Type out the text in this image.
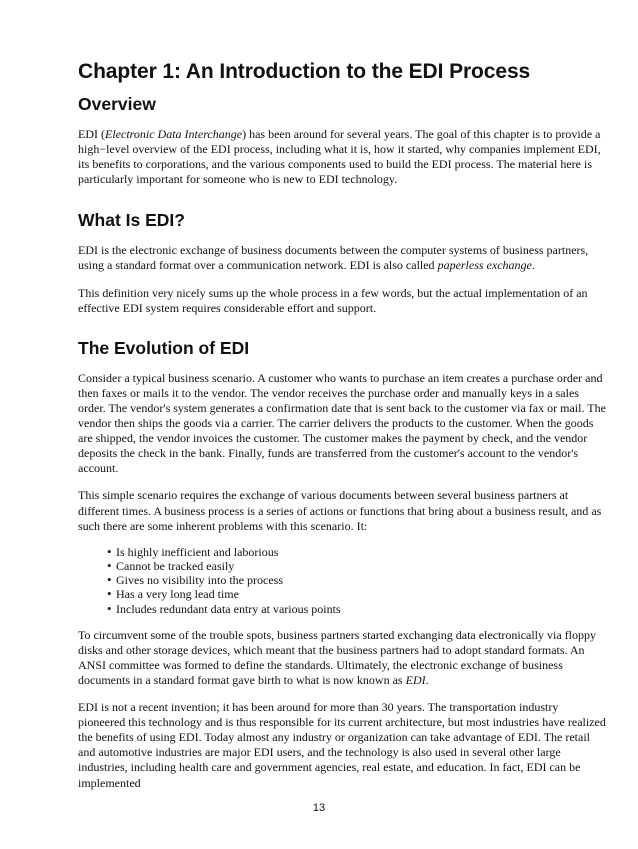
Chapter 1: An Introduction to the EDI Process
Overview

EDI (Electronic Data Interchange) has been around for several years. The goal of this chapter is to provide a high−level overview of the EDI process, including what it is, how it started, why companies implement EDI, its benefits to corporations, and the various components used to build the EDI process. The material here is particularly important for someone who is new to EDI technology.

What Is EDI?

EDI is the electronic exchange of business documents between the computer systems of business partners, using a standard format over a communication network. EDI is also called paperless exchange.

This definition very nicely sums up the whole process in a few words, but the actual implementation of an effective EDI system requires considerable effort and support.

The Evolution of EDI

Consider a typical business scenario. A customer who wants to purchase an item creates a purchase order and then faxes or mails it to the vendor. The vendor receives the purchase order and manually keys in a sales order. The vendor's system generates a confirmation date that is sent back to the customer via fax or mail. The vendor then ships the goods via a carrier. The carrier delivers the products to the customer. When the goods are shipped, the vendor invoices the customer. The customer makes the payment by check, and the vendor deposits the check in the bank. Finally, funds are transferred from the customer's account to the vendor's account.

This simple scenario requires the exchange of various documents between several business partners at different times. A business process is a series of actions or functions that bring about a business result, and as such there are some inherent problems with this scenario. It:

• Is highly inefficient and laborious
• Cannot be tracked easily
• Gives no visibility into the process
• Has a very long lead time
• Includes redundant data entry at various points

To circumvent some of the trouble spots, business partners started exchanging data electronically via floppy disks and other storage devices, which meant that the business partners had to adopt standard formats. An ANSI committee was formed to define the standards. Ultimately, the electronic exchange of business documents in a standard format gave birth to what is now known as EDI.

EDI is not a recent invention; it has been around for more than 30 years. The transportation industry pioneered this technology and is thus responsible for its current architecture, but most industries have realized the benefits of using EDI. Today almost any industry or organization can take advantage of EDI. The retail and automotive industries are major EDI users, and the technology is also used in several other large industries, including health care and government agencies, real estate, and education. In fact, EDI can be implemented

13
